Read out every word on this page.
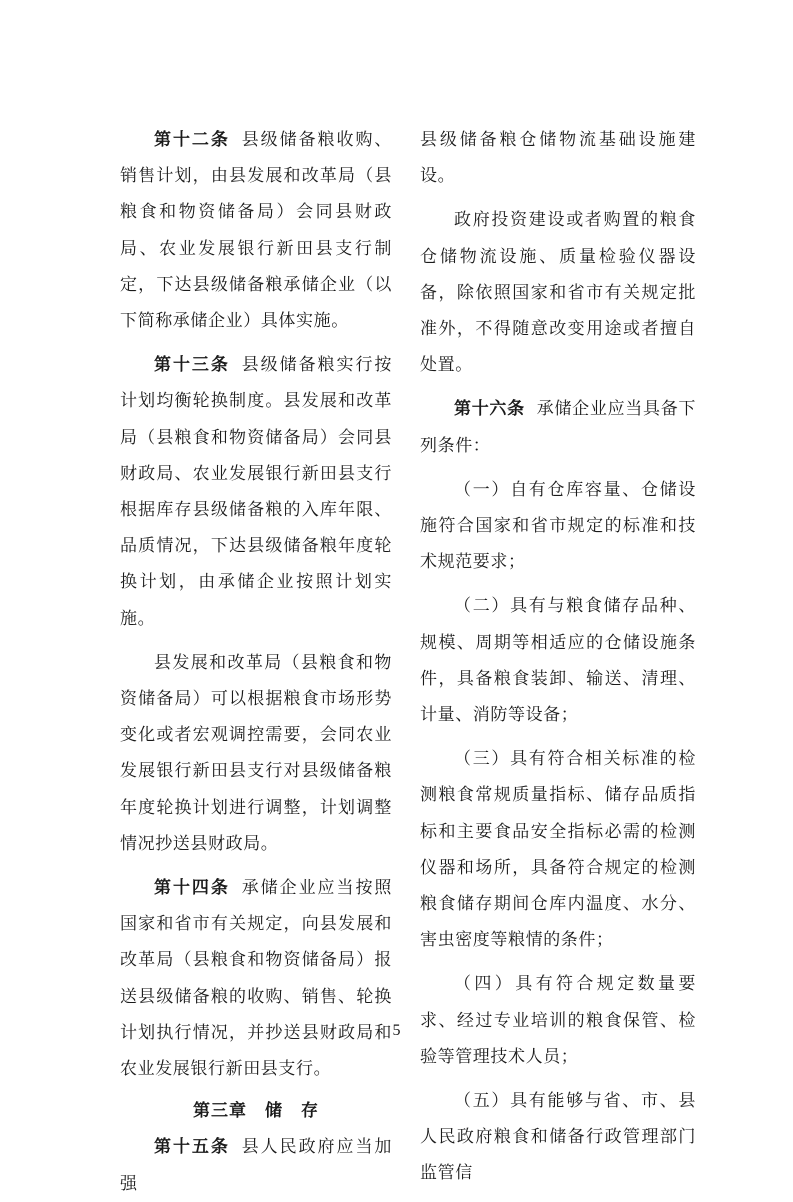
第十二条 县级储备粮收购、销售计划，由县发展和改革局（县粮食和物资储备局）会同县财政局、农业发展银行新田县支行制定，下达县级储备粮承储企业（以下简称承储企业）具体实施。

第十三条 县级储备粮实行按计划均衡轮换制度。县发展和改革局（县粮食和物资储备局）会同县财政局、农业发展银行新田县支行根据库存县级储备粮的入库年限、品质情况，下达县级储备粮年度轮换计划，由承储企业按照计划实施。

县发展和改革局（县粮食和物资储备局）可以根据粮食市场形势变化或者宏观调控需要，会同农业发展银行新田县支行对县级储备粮年度轮换计划进行调整，计划调整情况抄送县财政局。

第十四条 承储企业应当按照国家和省市有关规定，向县发展和改革局（县粮食和物资储备局）报送县级储备粮的收购、销售、轮换计划执行情况，并抄送县财政局和农业发展银行新田县支行。

第三章　储　存

第十五条 县人民政府应当加强

县级储备粮仓储物流基础设施建设。

政府投资建设或者购置的粮食仓储物流设施、质量检验仪器设备，除依照国家和省市有关规定批准外，不得随意改变用途或者擅自处置。

第十六条 承储企业应当具备下列条件：

（一）自有仓库容量、仓储设施符合国家和省市规定的标准和技术规范要求；

（二）具有与粮食储存品种、规模、周期等相适应的仓储设施条件，具备粮食装卸、输送、清理、计量、消防等设备；

（三）具有符合相关标准的检测粮食常规质量指标、储存品质指标和主要食品安全指标必需的检测仪器和场所，具备符合规定的检测粮食储存期间仓库内温度、水分、害虫密度等粮情的条件；

（四）具有符合规定数量要求、经过专业培训的粮食保管、检验等管理技术人员；

（五）具有能够与省、市、县人民政府粮食和储备行政管理部门监管信

5
